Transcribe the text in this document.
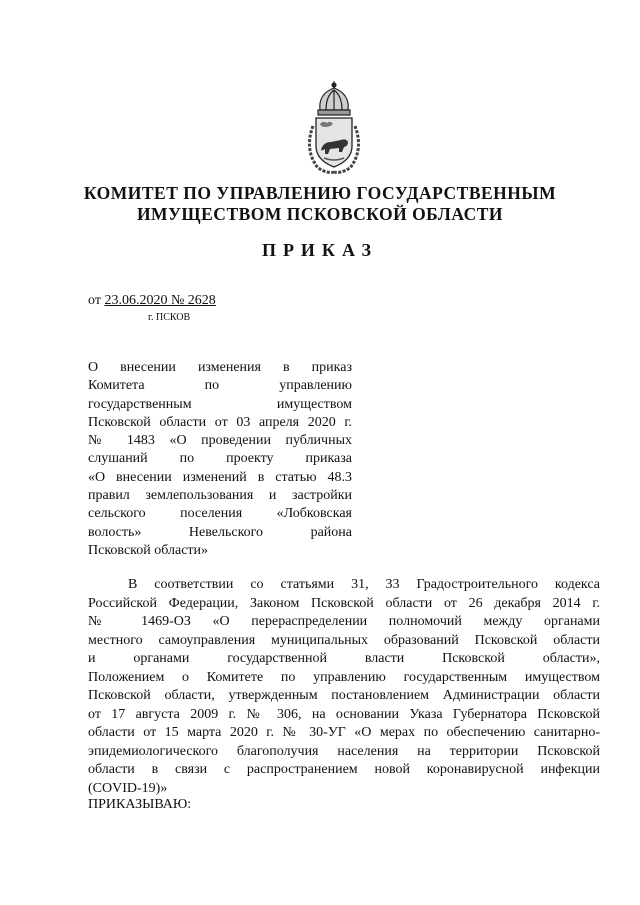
КОМИТЕТ ПО УПРАВЛЕНИЮ ГОСУДАРСТВЕННЫМ
ИМУЩЕСТВОМ ПСКОВСКОЙ ОБЛАСТИ
ПРИКАЗ
от 23.06.2020 № 2628
г. ПСКОВ
О внесении изменения в приказ
Комитета по управлению
государственным имуществом
Псковской области от 03 апреля 2020 г.
№ 1483 «О проведении публичных
слушаний по проекту приказа
«О внесении изменений в статью 48.3
правил землепользования и застройки
сельского поселения «Лобковская
волость» Невельского района
Псковской области»
В соответствии со статьями 31, 33 Градостроительного кодекса
Российской Федерации, Законом Псковской области от 26 декабря 2014 г.
№ 1469-ОЗ «О перераспределении полномочий между органами
местного самоуправления муниципальных образований Псковской области
и органами государственной власти Псковской области»,
Положением о Комитете по управлению государственным имуществом
Псковской области, утвержденным постановлением Администрации области
от 17 августа 2009 г. № 306, на основании Указа Губернатора Псковской
области от 15 марта 2020 г. № 30-УГ «О мерах по обеспечению санитарно-
эпидемиологического благополучия населения на территории Псковской
области в связи с распространением новой коронавирусной инфекции
(COVID-19)»
ПРИКАЗЫВАЮ:
